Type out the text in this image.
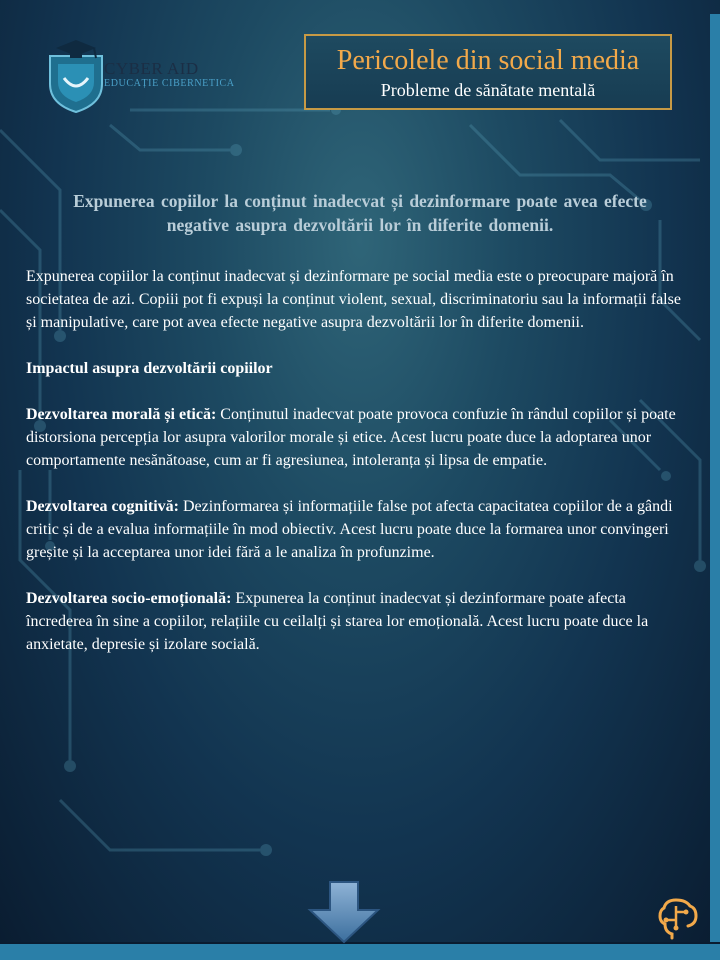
CYBER AID
EDUCAȚIE CIBERNETICA
Pericolele din social media
Probleme de sănătate mentală
Expunerea copiilor la conținut inadecvat și dezinformare poate avea efecte negative asupra dezvoltării lor în diferite domenii.

Expunerea copiilor la conținut inadecvat și dezinformare pe social media este o preocupare majoră în societatea de azi. Copiii pot fi expuși la conținut violent, sexual, discriminatoriu sau la informații false și manipulative, care pot avea efecte negative asupra dezvoltării lor în diferite domenii.

Impactul asupra dezvoltării copiilor

Dezvoltarea morală și etică: Conținutul inadecvat poate provoca confuzie în rândul copiilor și poate distorsiona percepția lor asupra valorilor morale și etice. Acest lucru poate duce la adoptarea unor comportamente nesănătoase, cum ar fi agresiunea, intoleranța și lipsa de empatie.

Dezvoltarea cognitivă: Dezinformarea și informațiile false pot afecta capacitatea copiilor de a gândi critic și de a evalua informațiile în mod obiectiv. Acest lucru poate duce la formarea unor convingeri greșite și la acceptarea unor idei fără a le analiza în profunzime.

Dezvoltarea socio-emoțională: Expunerea la conținut inadecvat și dezinformare poate afecta încrederea în sine a copiilor, relațiile cu ceilalți și starea lor emoțională. Acest lucru poate duce la anxietate, depresie și izolare socială.
